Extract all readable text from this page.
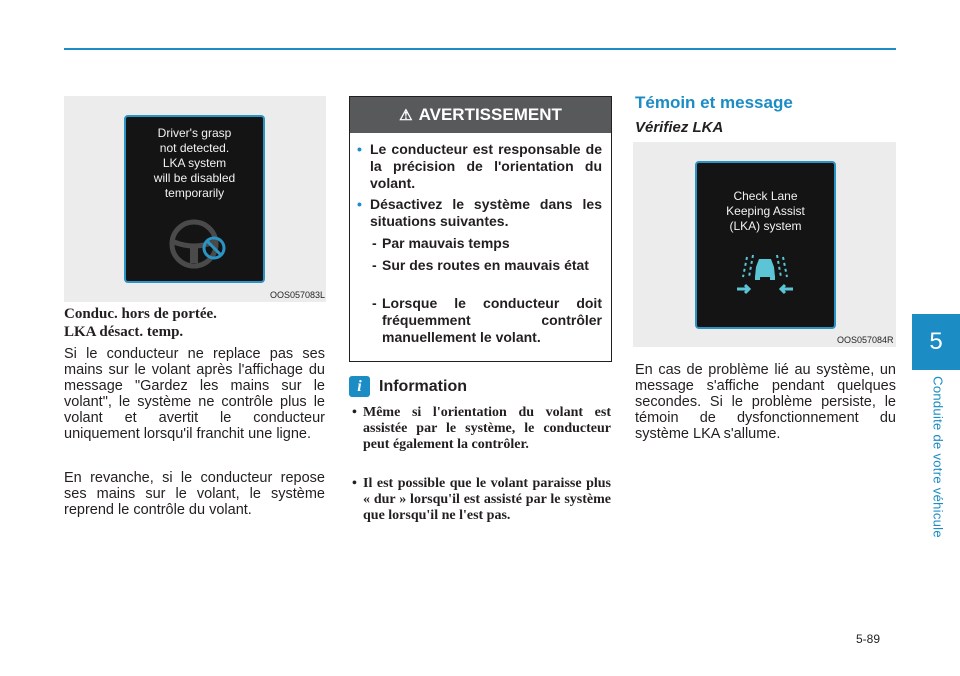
5
Conduite de votre véhicule
Driver's grasp
not detected.
LKA system
will be disabled
temporarily
OOS057083L
Conduc. hors de portée.
LKA désact. temp.

Si le conducteur ne replace pas ses mains sur le volant après l'affichage du message "Gardez les mains sur le volant", le système ne contrôle plus le volant et avertit le conducteur uniquement lorsqu'il franchit une ligne.

En revanche, si le conducteur repose ses mains sur le volant, le système reprend le contrôle du volant.

⚠ AVERTISSEMENT
• Le conducteur est responsable de la précision de l'orientation du volant.
• Désactivez le système dans les situations suivantes.
- Par mauvais temps
- Sur des routes en mauvais état
- Lorsque le conducteur doit fréquemment contrôler manuellement le volant.
i	Information
• Même si l'orientation du volant est assistée par le système, le conducteur peut également la contrôler.
• Il est possible que le volant paraisse plus « dur » lorsqu'il est assisté par le système que lorsqu'il ne l'est pas.
Témoin et message
Vérifiez LKA
Check Lane
Keeping Assist
(LKA) system
OOS057084R

En cas de problème lié au système, un message s'affiche pendant quelques secondes. Si le problème persiste, le témoin de dysfonctionnement du système LKA s'allume.

5-89
